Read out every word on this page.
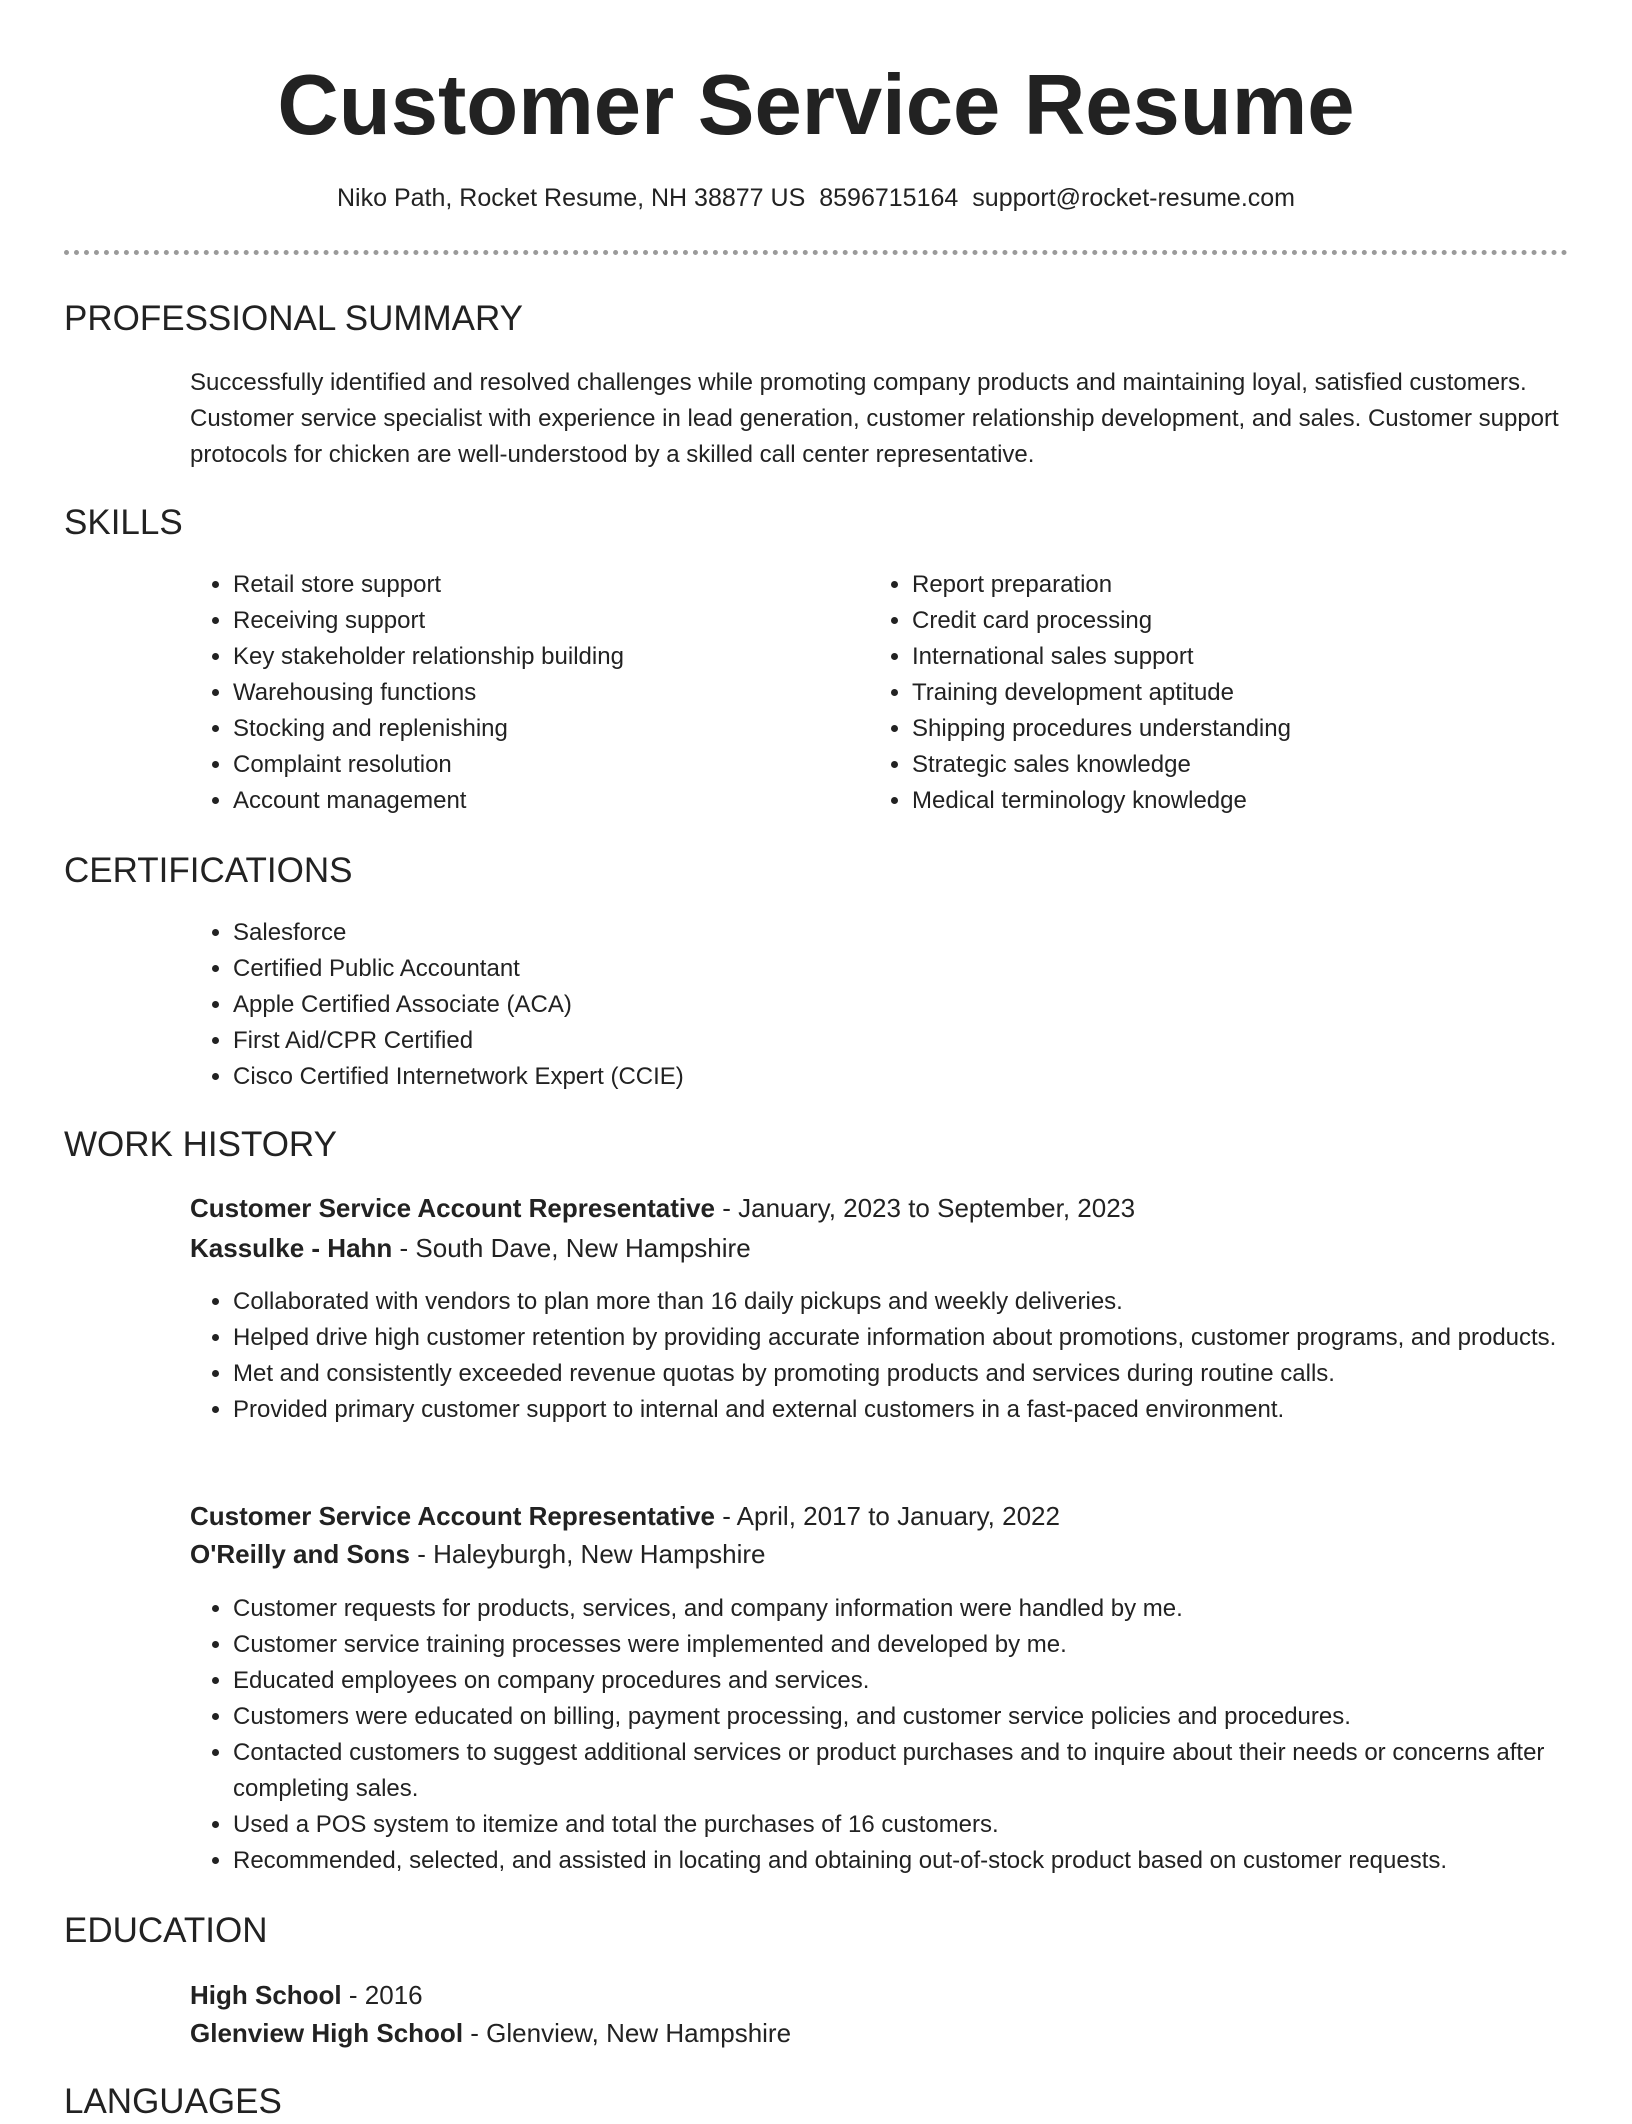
Customer Service Resume
Niko Path, Rocket Resume, NH 38877 US 8596715164 support@rocket-resume.com
PROFESSIONAL SUMMARY

Successfully identified and resolved challenges while promoting company products and maintaining loyal, satisfied customers. Customer service specialist with experience in lead generation, customer relationship development, and sales. Customer support protocols for chicken are well-understood by a skilled call center representative.

SKILLS
• Retail store support
• Receiving support
• Key stakeholder relationship building
• Warehousing functions
• Stocking and replenishing
• Complaint resolution
• Account management
• Report preparation
• Credit card processing
• International sales support
• Training development aptitude
• Shipping procedures understanding
• Strategic sales knowledge
• Medical terminology knowledge
CERTIFICATIONS
• Salesforce
• Certified Public Accountant
• Apple Certified Associate (ACA)
• First Aid/CPR Certified
• Cisco Certified Internetwork Expert (CCIE)
WORK HISTORY
Customer Service Account Representative - January, 2023 to September, 2023
Kassulke - Hahn - South Dave, New Hampshire
• Collaborated with vendors to plan more than 16 daily pickups and weekly deliveries.
• Helped drive high customer retention by providing accurate information about promotions, customer programs, and products.
• Met and consistently exceeded revenue quotas by promoting products and services during routine calls.
• Provided primary customer support to internal and external customers in a fast-paced environment.
Customer Service Account Representative - April, 2017 to January, 2022
O'Reilly and Sons - Haleyburgh, New Hampshire
• Customer requests for products, services, and company information were handled by me.
• Customer service training processes were implemented and developed by me.
• Educated employees on company procedures and services.
• Customers were educated on billing, payment processing, and customer service policies and procedures.
• Contacted customers to suggest additional services or product purchases and to inquire about their needs or concerns after completing sales.
• Used a POS system to itemize and total the purchases of 16 customers.
• Recommended, selected, and assisted in locating and obtaining out-of-stock product based on customer requests.
EDUCATION
High School - 2016
Glenview High School - Glenview, New Hampshire
LANGUAGES
